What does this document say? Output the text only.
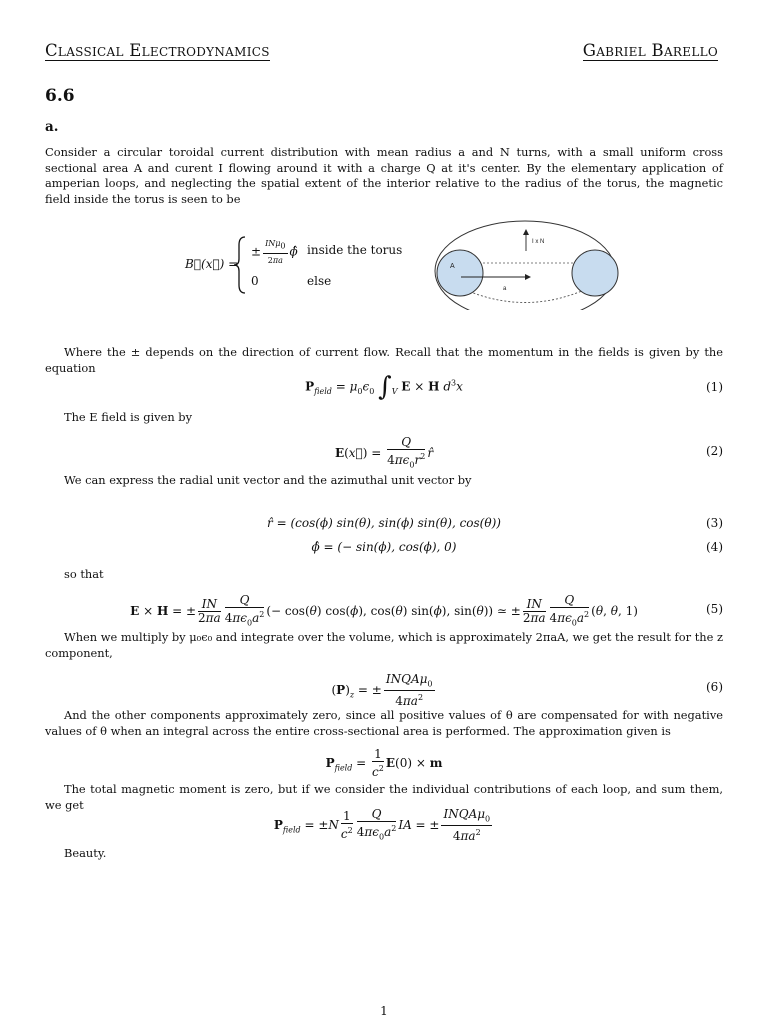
Classical Electrodynamics	Gabriel Barello
6.6
a.

Consider a circular toroidal current distribution with mean radius a and N turns, with a small uniform cross sectional area A and curent I flowing around it with a charge Q at it's center. By the elementary application of amperian loops, and neglecting the spatial extent of the interior relative to the radius of the torus, the magnetic field inside the torus is seen to be

B⃗(x⃗) =
± $\frac{IN\mu_0}{2\pi a}$ ϕ̂ inside the torus
0	else
A
I x N
a

Where the ± depends on the direction of current flow. Recall that the momentum in the fields is given by the equation

$P_{field} = \mu_0\epsilon_0$ $\int_V$ E × H $d^3x$	(1)

The E field is given by

E(x⃗) = $\frac{Q}{4\pi\epsilon_0r^2}$ r̂	(2)

We can express the radial unit vector and the azimuthal unit vector by

r̂ = (cos(ϕ) sin(θ), sin(ϕ) sin(θ), cos(θ))	(3)
ϕ̂ = (− sin(ϕ), cos(ϕ), 0)	(4)

so that

E × H = ± $\frac{IN}{2\pi a} \frac{Q}{4\pi\epsilon_0a^2}$ (− cos(θ) cos(ϕ), cos(θ) sin(ϕ), sin(θ)) ≃ ± $\frac{IN}{2\pi a} \frac{Q}{4\pi\epsilon_0a^2} (\theta$, θ, 1)	(5)

When we multiply by μ₀ϵ₀ and integrate over the volume, which is approximately 2πaA, we get the result for the z component,

$(P)_z$ = ± $\frac{INQA\mu_0}{4\pi a^2}$	(6)

And the other components approximately zero, since all positive values of θ are compensated for with negative values of θ when an integral across the entire cross-sectional area is performed. The approximation given is

$P_{field} = \frac{1}{c^2} E(0) \times m$

The total magnetic moment is zero, but if we consider the individual contributions of each loop, and sum them, we get

$P_{field} = \pm N \frac{1}{c^2} \frac{Q}{4\pi\epsilon_0a^2}$ IA = ± $\frac{INQA\mu_0}{4\pi a^2}$

Beauty.

1
